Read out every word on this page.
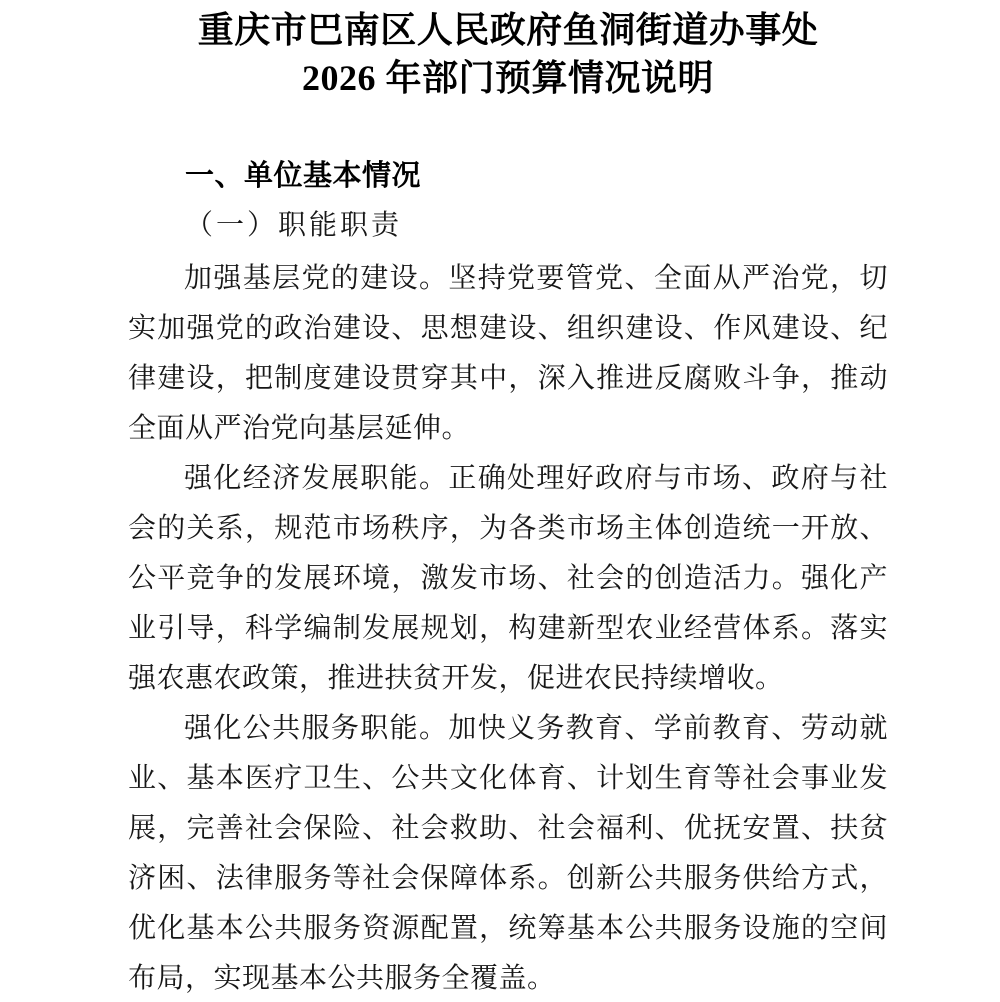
重庆市巴南区人民政府鱼洞街道办事处
2026 年部门预算情况说明
一、单位基本情况
（一）职能职责

加强基层党的建设。坚持党要管党、全面从严治党，切实加强党的政治建设、思想建设、组织建设、作风建设、纪律建设，把制度建设贯穿其中，深入推进反腐败斗争，推动全面从严治党向基层延伸。

强化经济发展职能。正确处理好政府与市场、政府与社会的关系，规范市场秩序，为各类市场主体创造统一开放、公平竞争的发展环境，激发市场、社会的创造活力。强化产业引导，科学编制发展规划，构建新型农业经营体系。落实强农惠农政策，推进扶贫开发，促进农民持续增收。

强化公共服务职能。加快义务教育、学前教育、劳动就业、基本医疗卫生、公共文化体育、计划生育等社会事业发展，完善社会保险、社会救助、社会福利、优抚安置、扶贫济困、法律服务等社会保障体系。创新公共服务供给方式，优化基本公共服务资源配置，统筹基本公共服务设施的空间布局，实现基本公共服务全覆盖。
